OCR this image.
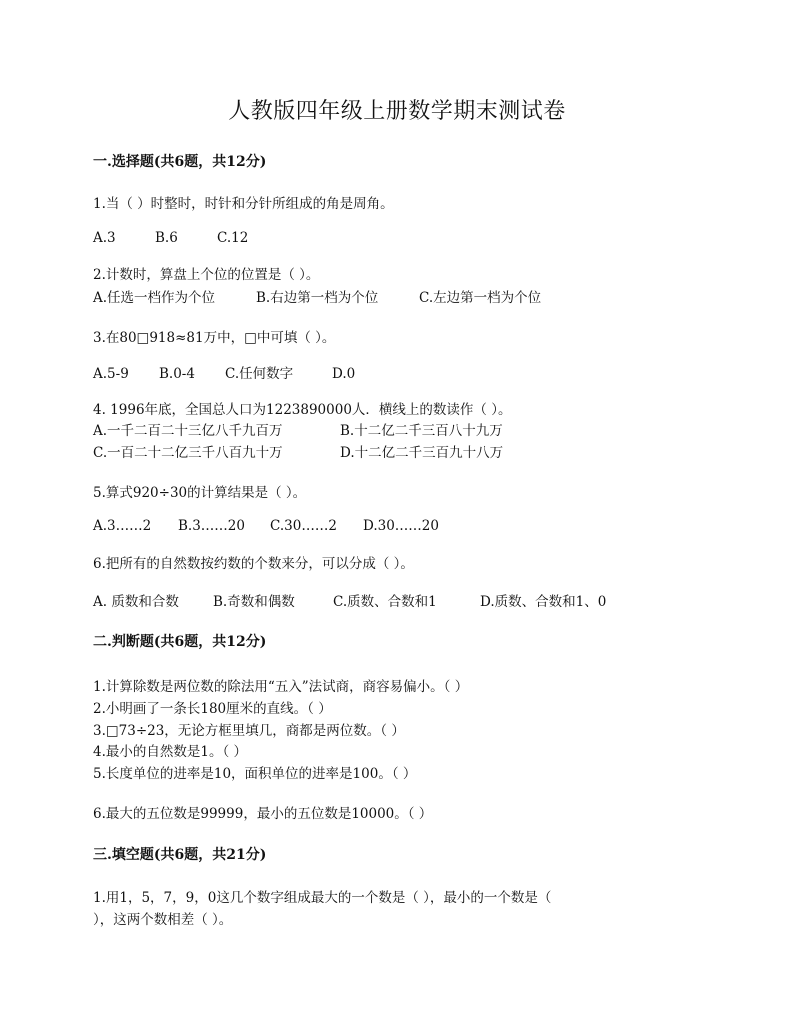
人教版四年级上册数学期末测试卷
一.选择题(共6题，共12分)
1.当（ ）时整时，时针和分针所组成的角是周角。
A.3	B.6	C.12
2.计数时，算盘上个位的位置是（ ）。
A.任选一档作为个位	B.右边第一档为个位	C.左边第一档为个位
3.在80□918≈81万中，□中可填（ ）。
A.5-9 B.0-4 C.任何数字	D.0
4. 1996年底，全国总人口为1223890000人．横线上的数读作（ ）。
A.一千二百二十三亿八千九百万	B.十二亿二千三百八十九万
C.一百二十二亿三千八百九十万	D.十二亿二千三百九十八万
5.算式920÷30的计算结果是（ ）。
A.3……2 B.3……20 C.30……2 D.30……20
6.把所有的自然数按约数的个数来分，可以分成（ ）。
A. 质数和合数	B.奇数和偶数	C.质数、合数和1	D.质数、合数和1、0
二.判断题(共6题，共12分)
1.计算除数是两位数的除法用“五入”法试商，商容易偏小。（ ）
2.小明画了一条长180厘米的直线。（ ）
3.□73÷23，无论方框里填几，商都是两位数。（ ）
4.最小的自然数是1。（ ）
5.长度单位的进率是10，面积单位的进率是100。（ ）
6.最大的五位数是99999，最小的五位数是10000。（ ）
三.填空题(共6题，共21分)
1.用1，5，7，9，0这几个数字组成最大的一个数是（ ），最小的一个数是（
），这两个数相差（ ）。
